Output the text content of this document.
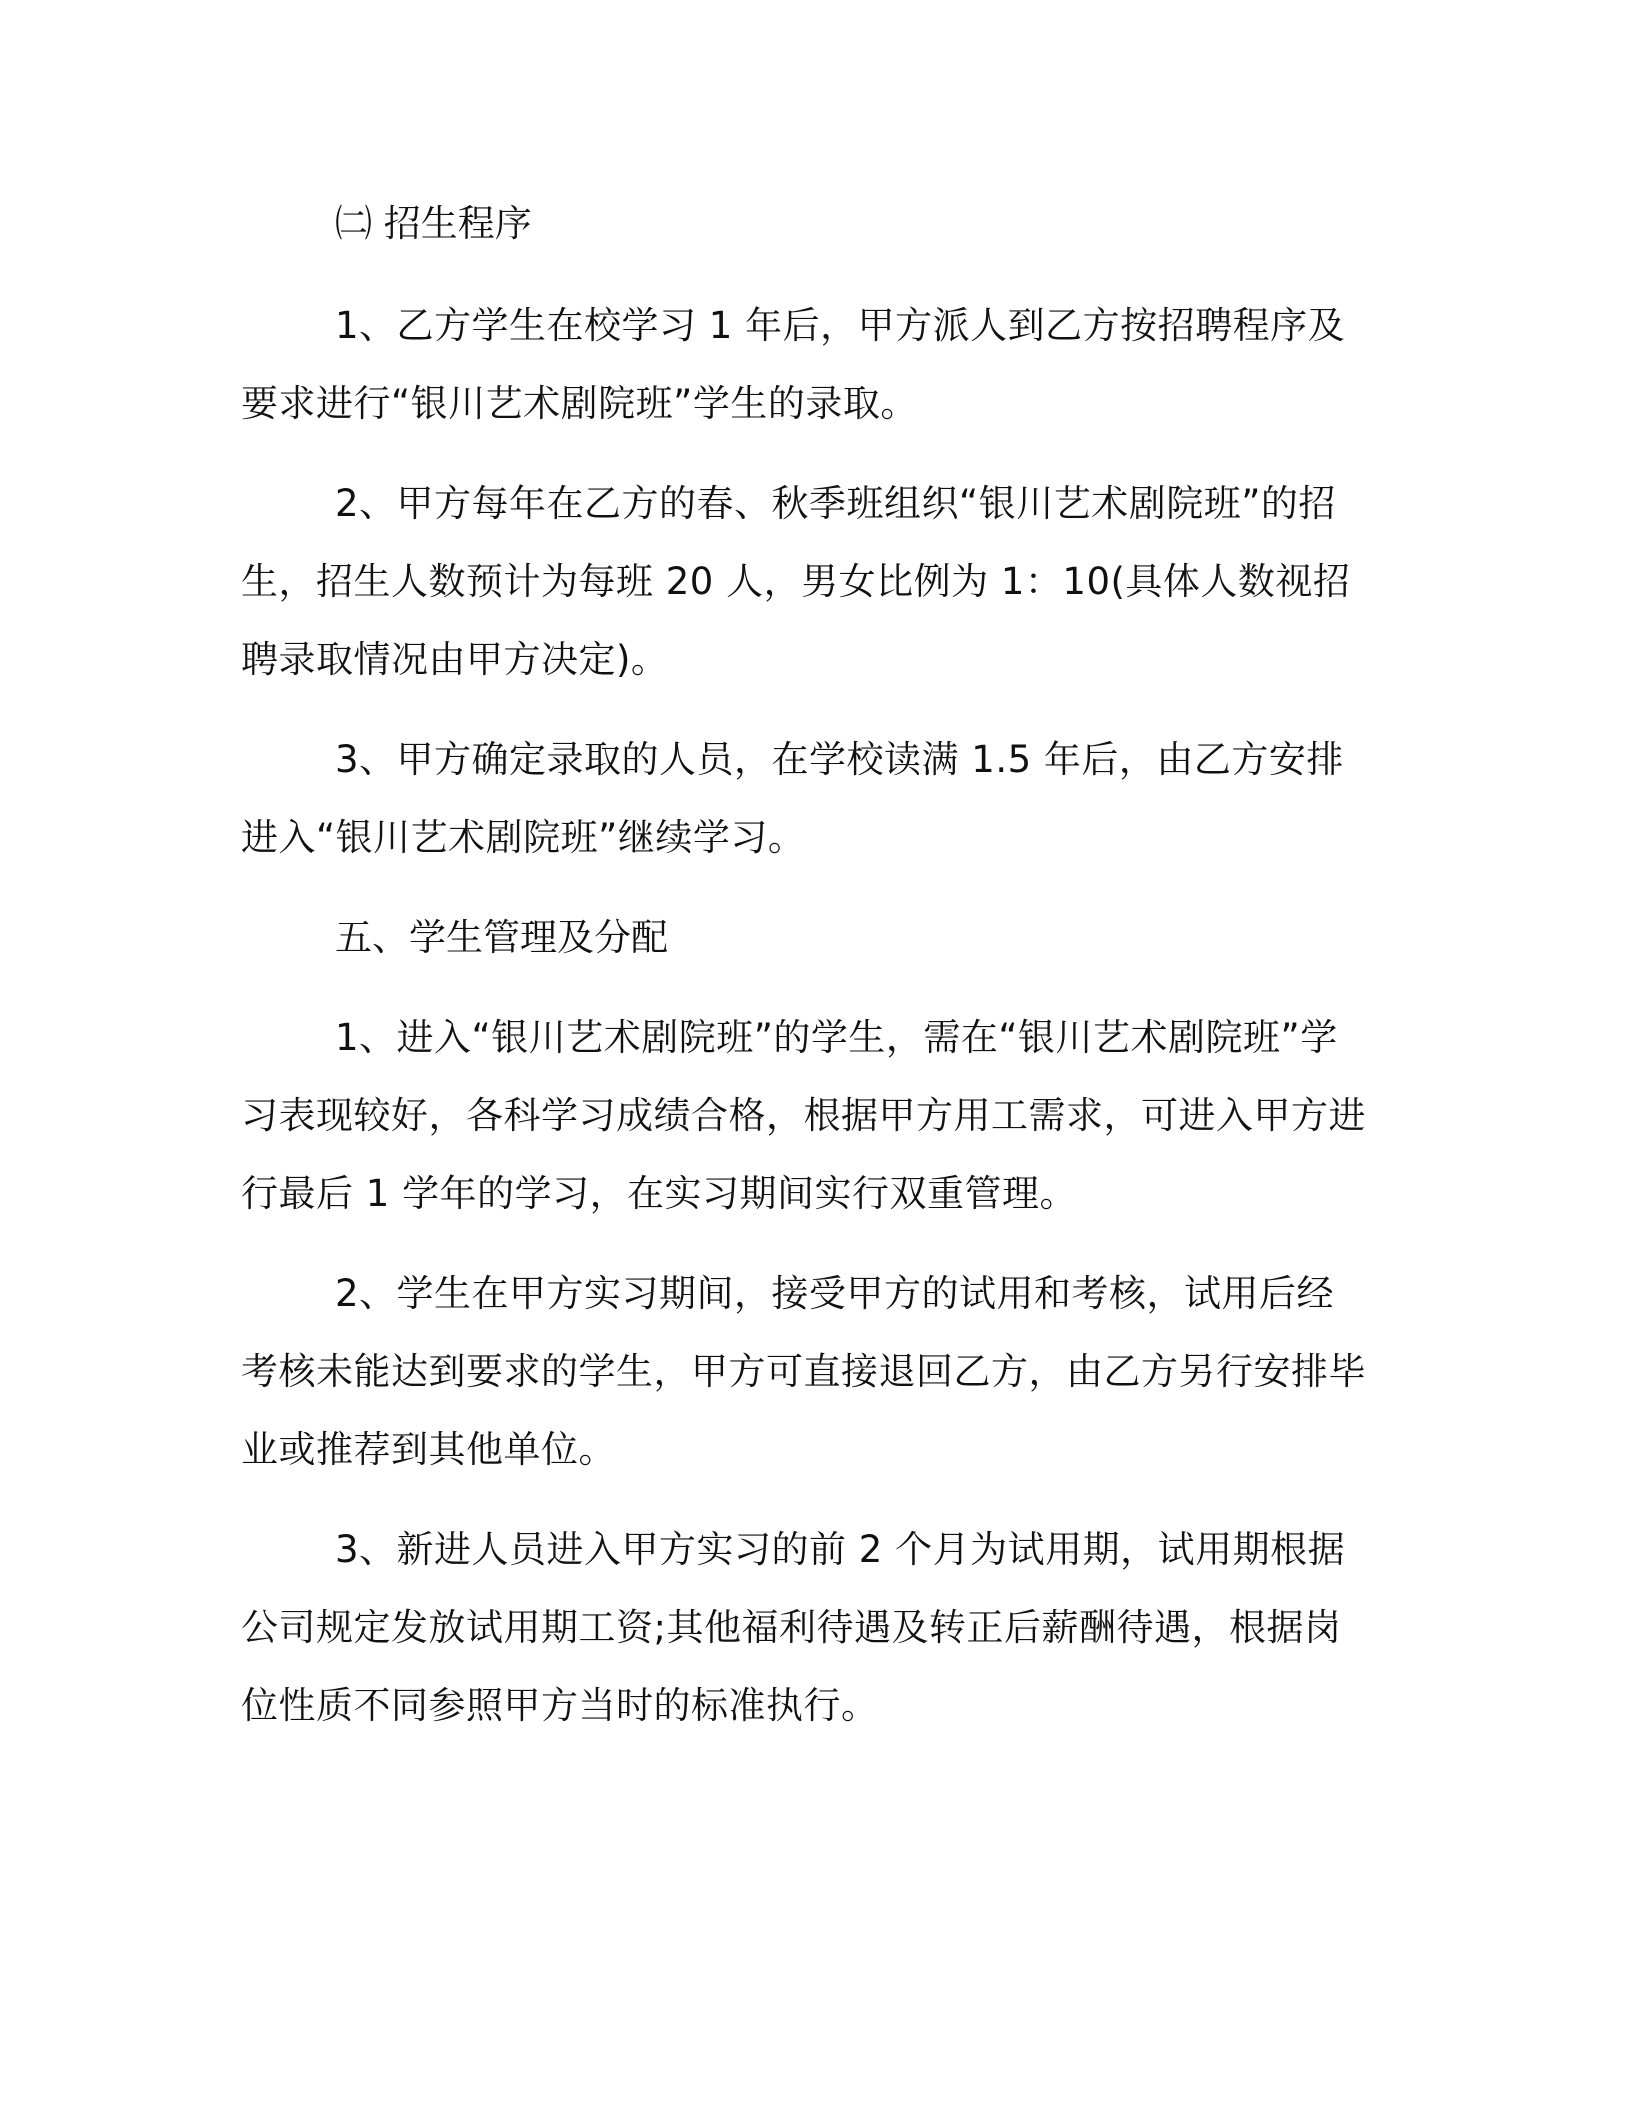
㈡ 招生程序

1、乙方学生在校学习 1 年后，甲方派人到乙方按招聘程序及要求进行“银川艺术剧院班”学生的录取。

2、甲方每年在乙方的春、秋季班组织“银川艺术剧院班”的招生，招生人数预计为每班 20 人，男女比例为 1：10(具体人数视招聘录取情况由甲方决定)。

3、甲方确定录取的人员，在学校读满 1.5 年后，由乙方安排进入“银川艺术剧院班”继续学习。

五、学生管理及分配

1、进入“银川艺术剧院班”的学生，需在“银川艺术剧院班”学习表现较好，各科学习成绩合格，根据甲方用工需求，可进入甲方进行最后 1 学年的学习，在实习期间实行双重管理。

2、学生在甲方实习期间，接受甲方的试用和考核，试用后经考核未能达到要求的学生，甲方可直接退回乙方，由乙方另行安排毕业或推荐到其他单位。

3、新进人员进入甲方实习的前 2 个月为试用期，试用期根据公司规定发放试用期工资;其他福利待遇及转正后薪酬待遇，根据岗位性质不同参照甲方当时的标准执行。
